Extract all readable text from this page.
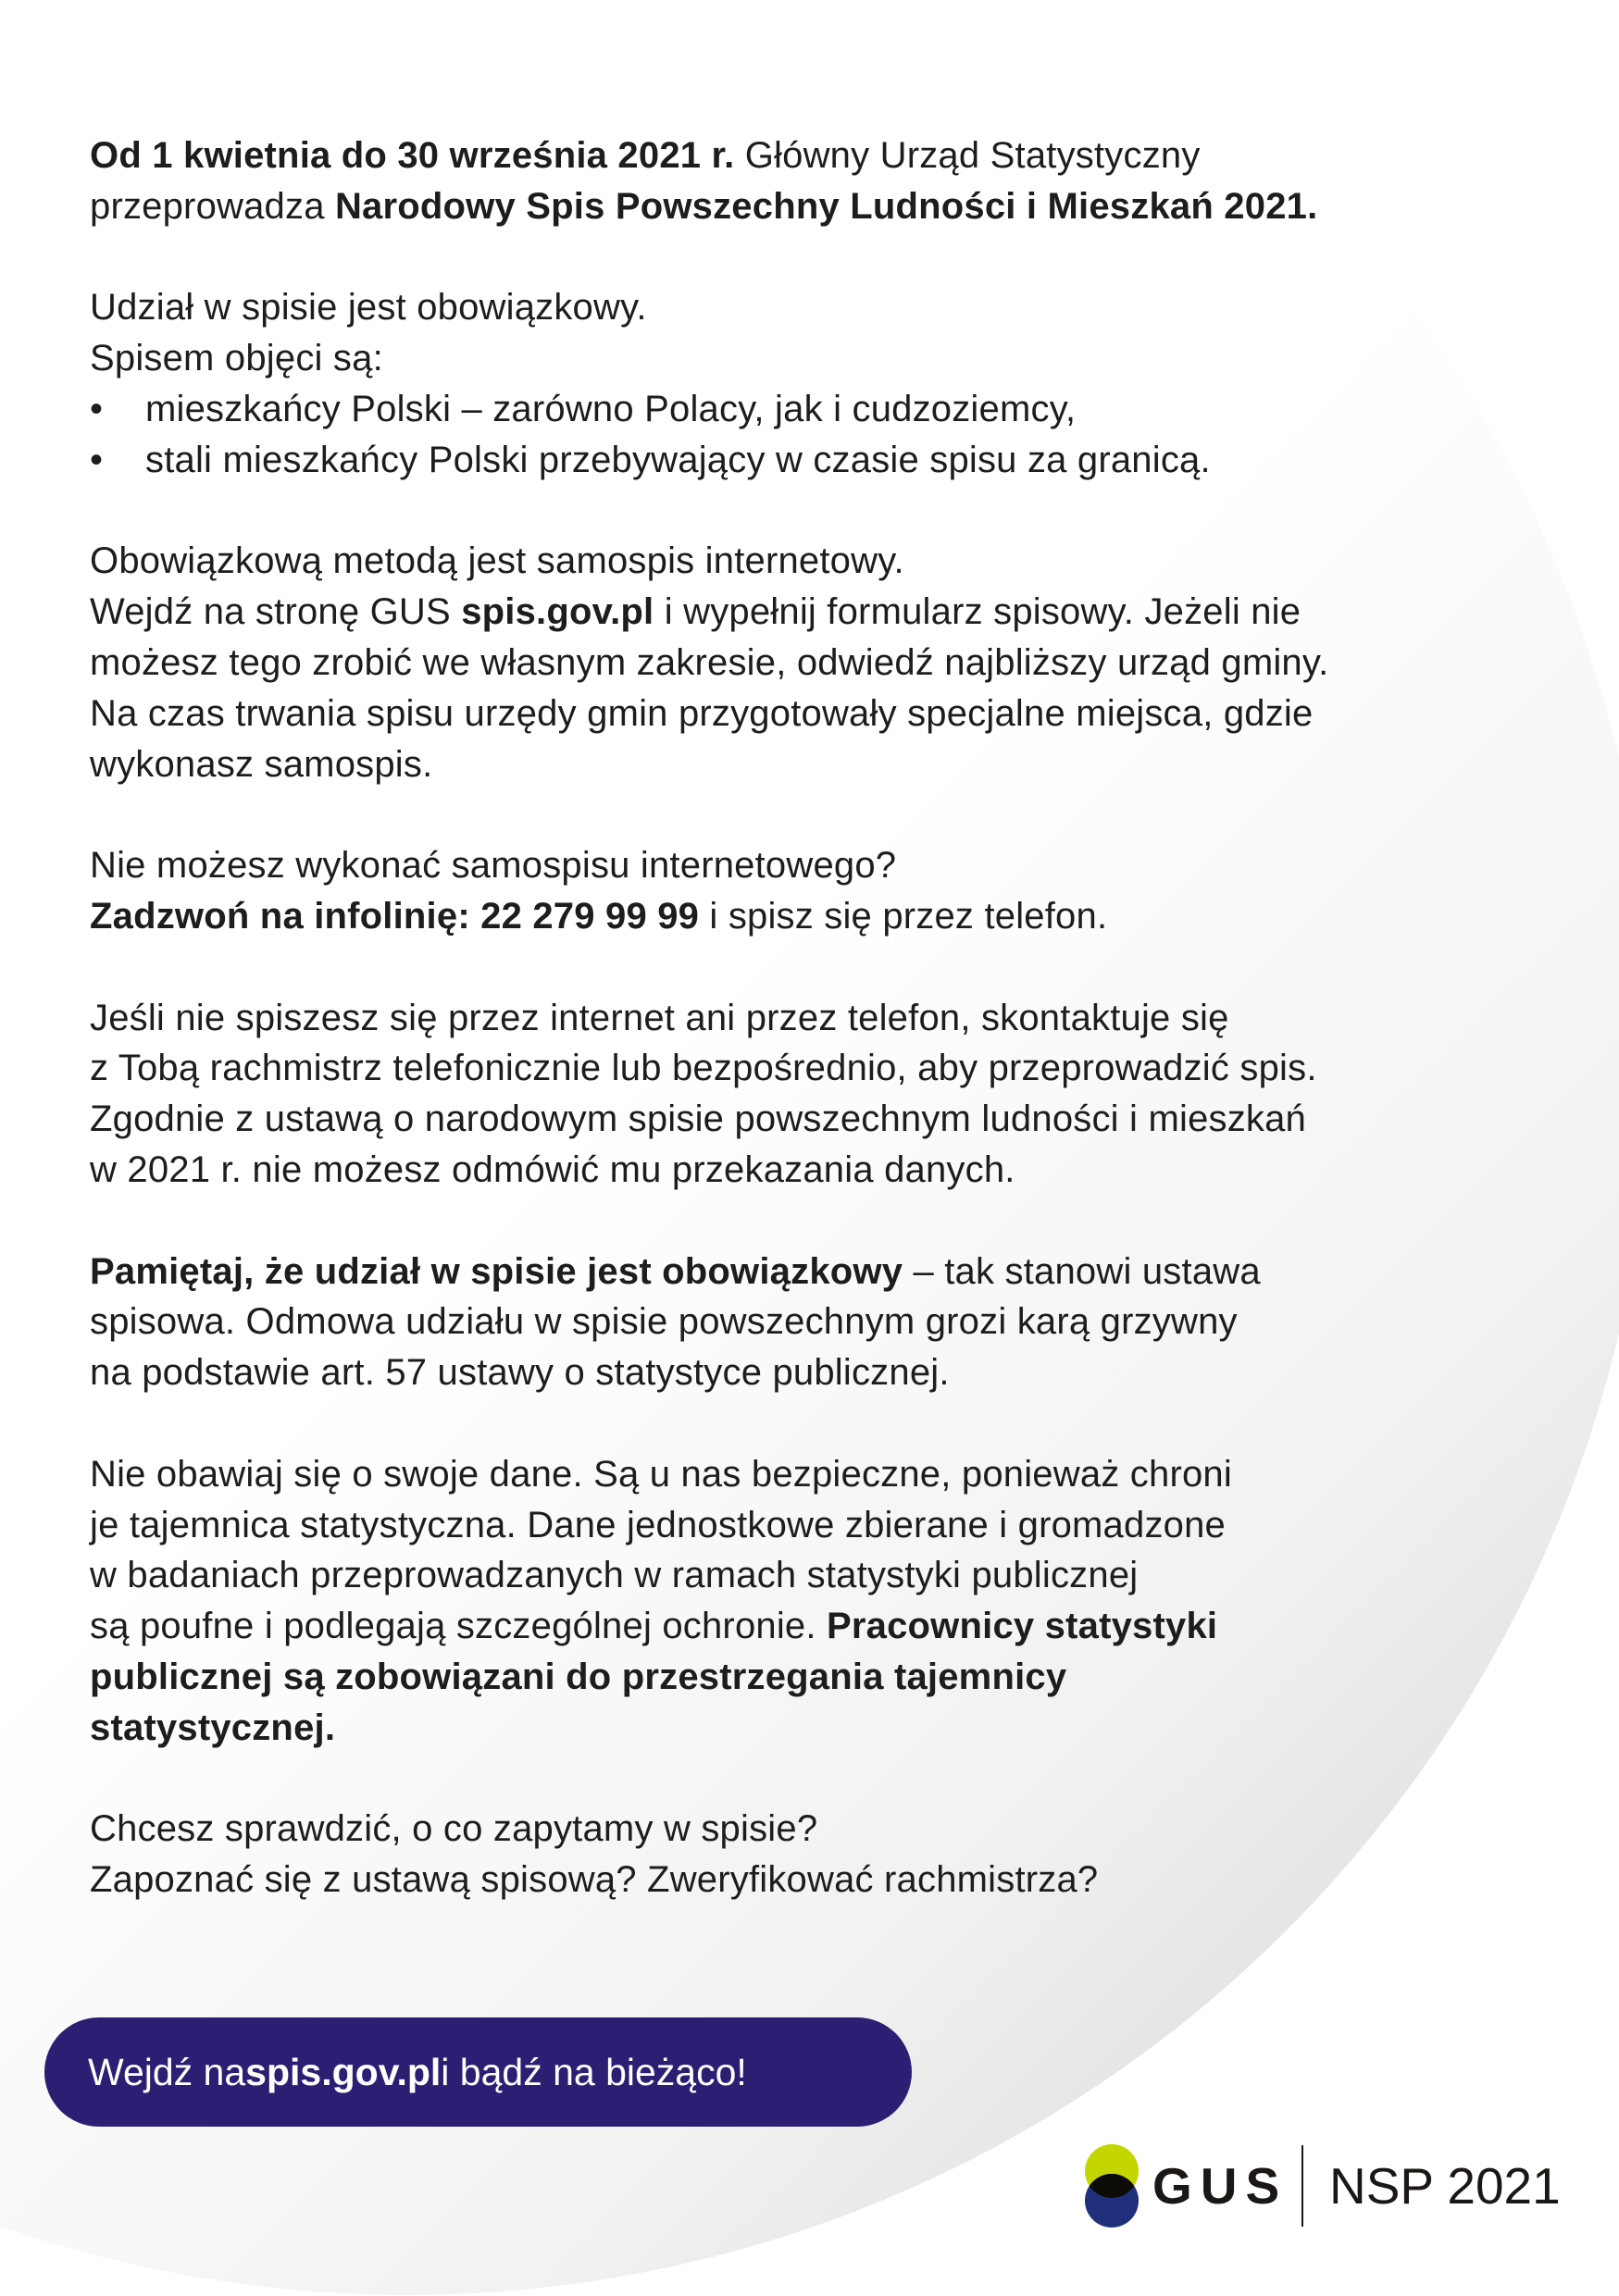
Od 1 kwietnia do 30 września 2021 r. Główny Urząd Statystyczny
przeprowadza Narodowy Spis Powszechny Ludności i Mieszkań 2021.
Udział w spisie jest obowiązkowy.
Spisem objęci są:
• mieszkańcy Polski – zarówno Polacy, jak i cudzoziemcy,
• stali mieszkańcy Polski przebywający w czasie spisu za granicą.
Obowiązkową metodą jest samospis internetowy.
Wejdź na stronę GUS spis.gov.pl i wypełnij formularz spisowy. Jeżeli nie
możesz tego zrobić we własnym zakresie, odwiedź najbliższy urząd gminy.
Na czas trwania spisu urzędy gmin przygotowały specjalne miejsca, gdzie
wykonasz samospis.
Nie możesz wykonać samospisu internetowego?
Zadzwoń na infolinię: 22 279 99 99 i spisz się przez telefon.
Jeśli nie spiszesz się przez internet ani przez telefon, skontaktuje się
z Tobą rachmistrz telefonicznie lub bezpośrednio, aby przeprowadzić spis.
Zgodnie z ustawą o narodowym spisie powszechnym ludności i mieszkań
w 2021 r. nie możesz odmówić mu przekazania danych.
Pamiętaj, że udział w spisie jest obowiązkowy – tak stanowi ustawa
spisowa. Odmowa udziału w spisie powszechnym grozi karą grzywny
na podstawie art. 57 ustawy o statystyce publicznej.
Nie obawiaj się o swoje dane. Są u nas bezpieczne, ponieważ chroni
je tajemnica statystyczna. Dane jednostkowe zbierane i gromadzone
w badaniach przeprowadzanych w ramach statystyki publicznej
są poufne i podlegają szczególnej ochronie. Pracownicy statystyki
publicznej są zobowiązani do przestrzegania tajemnicy
statystycznej.
Chcesz sprawdzić, o co zapytamy w spisie?
Zapoznać się z ustawą spisową? Zweryfikować rachmistrza?
Wejdź na spis.gov.pl i bądź na bieżąco!
GUS NSP 2021
